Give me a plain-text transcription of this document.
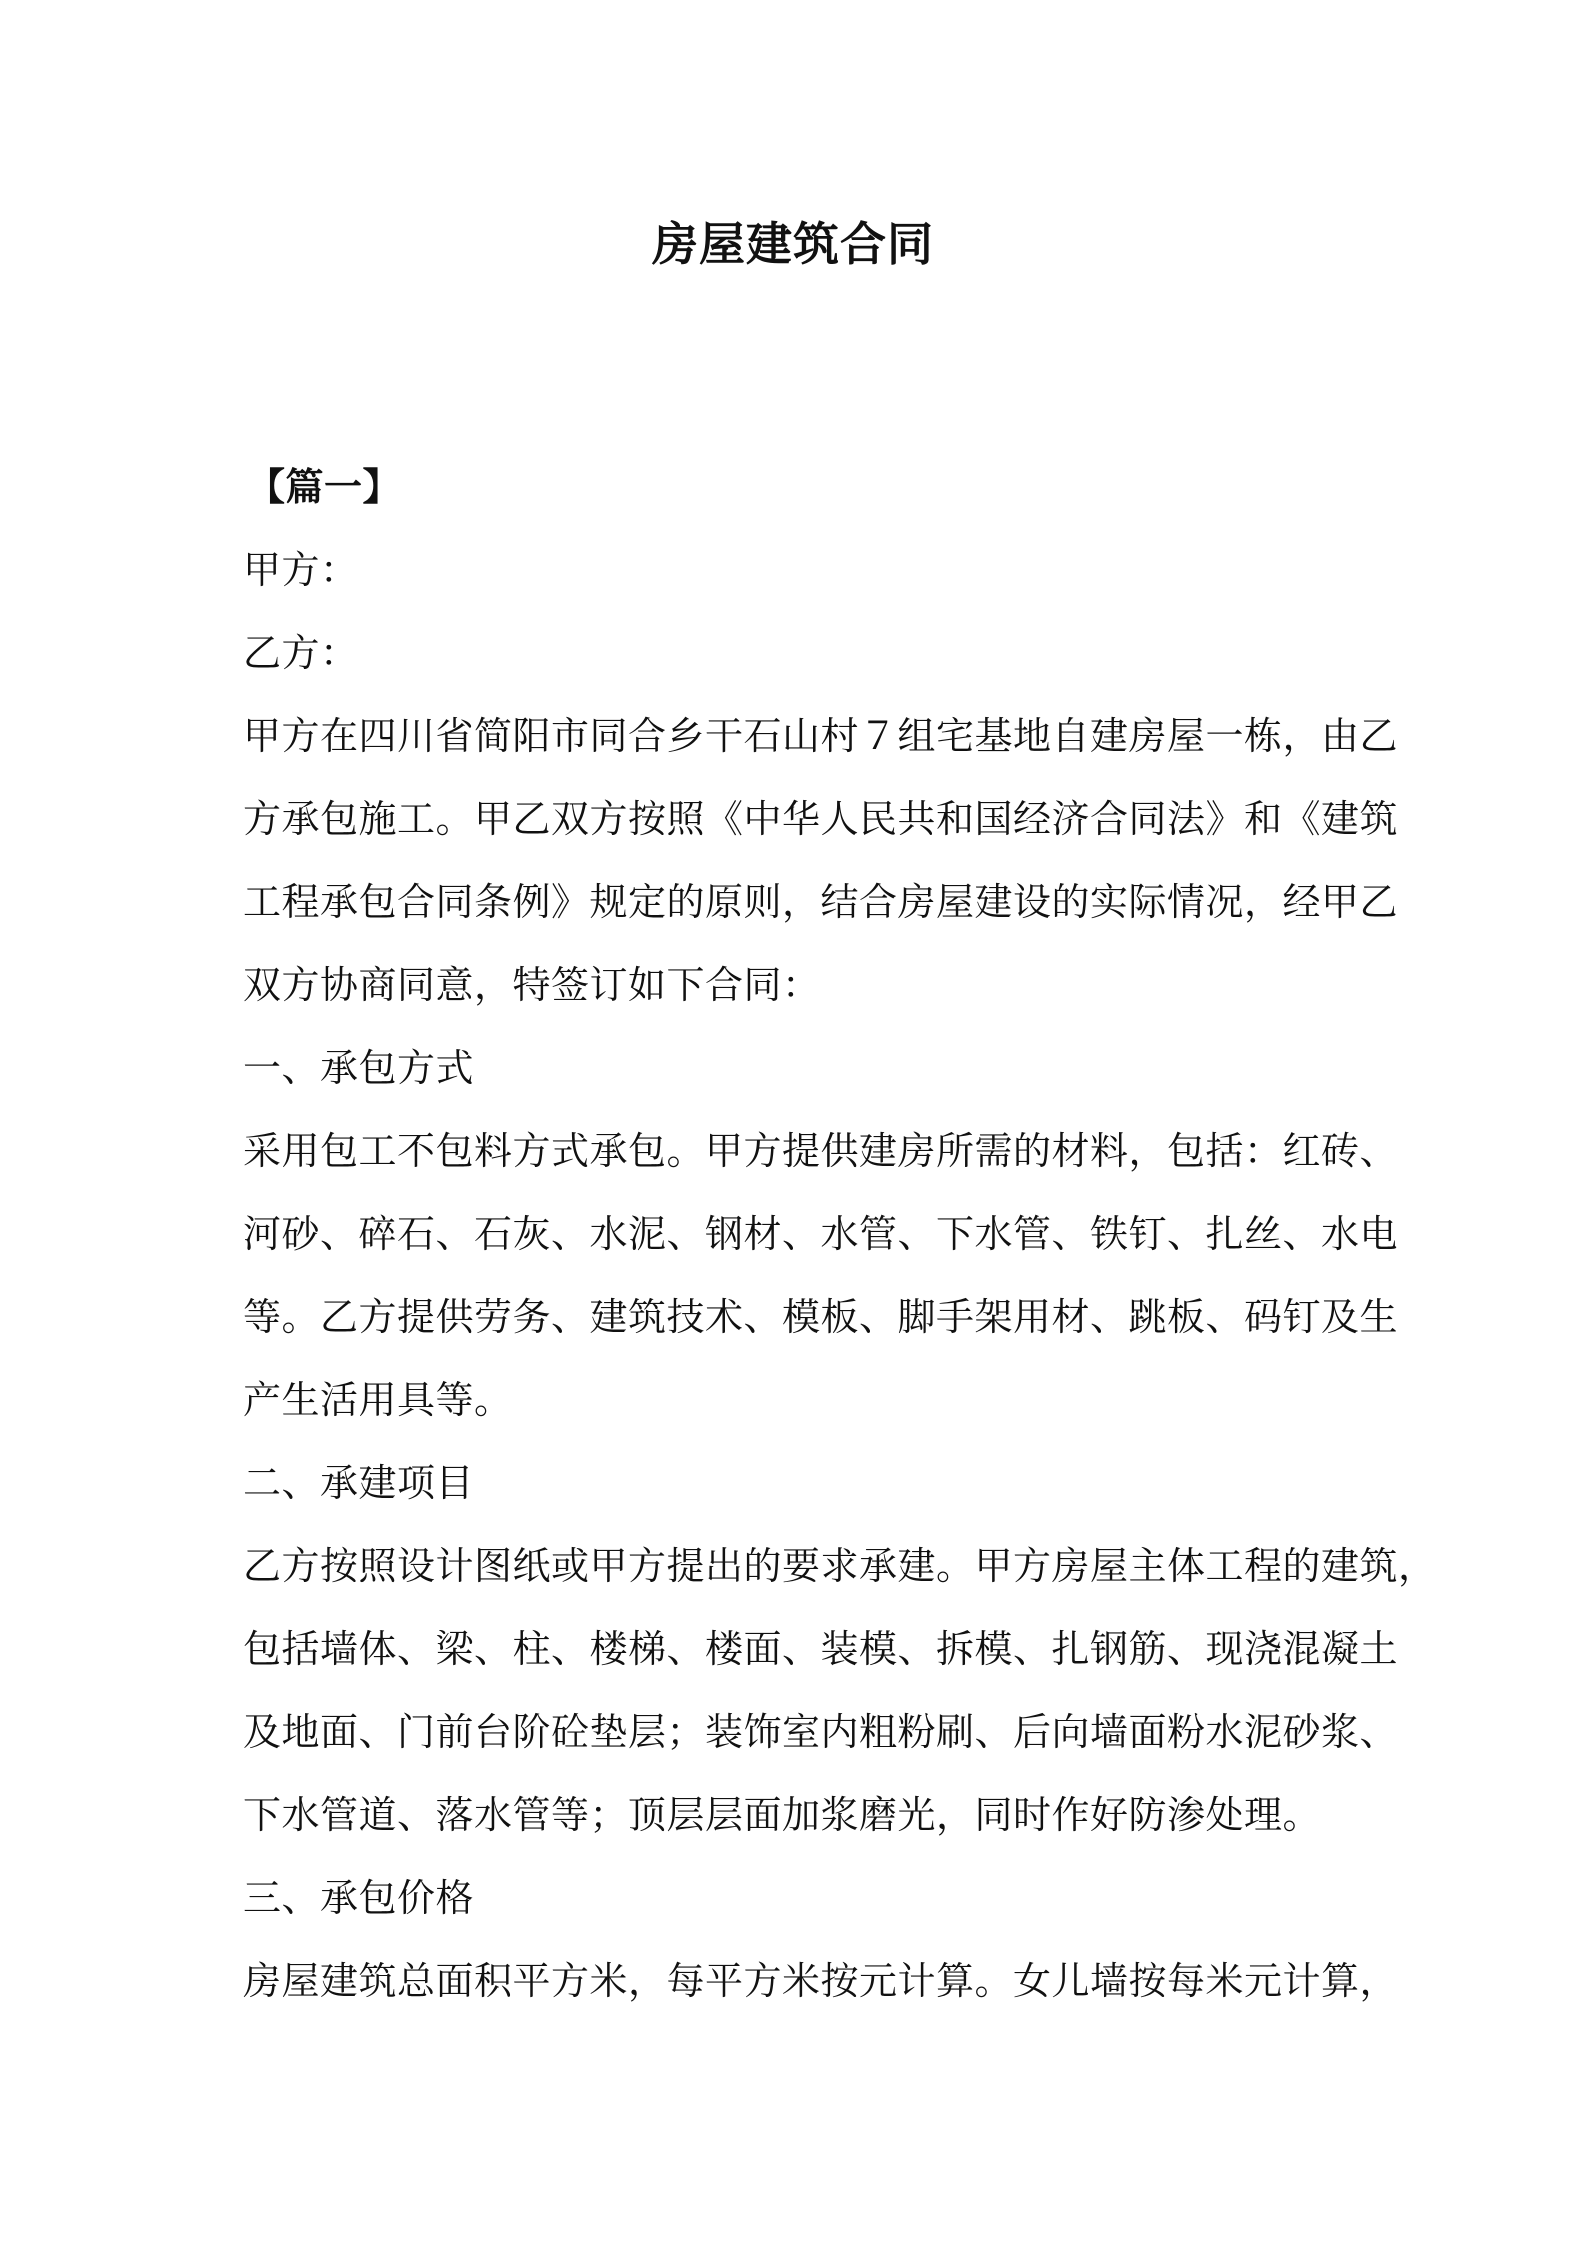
房屋建筑合同
【篇一】
甲方：
乙方：
甲方在四川省简阳市同合乡干石山村７组宅基地自建房屋一栋，由乙
方承包施工。甲乙双方按照《中华人民共和国经济合同法》和《建筑
工程承包合同条例》规定的原则，结合房屋建设的实际情况，经甲乙
双方协商同意，特签订如下合同：
一、承包方式
采用包工不包料方式承包。甲方提供建房所需的材料，包括：红砖、
河砂、碎石、石灰、水泥、钢材、水管、下水管、铁钉、扎丝、水电
等。乙方提供劳务、建筑技术、模板、脚手架用材、跳板、码钉及生
产生活用具等。
二、承建项目
乙方按照设计图纸或甲方提出的要求承建。甲方房屋主体工程的建筑，
包括墙体、梁、柱、楼梯、楼面、装模、拆模、扎钢筋、现浇混凝土
及地面、门前台阶砼垫层；装饰室内粗粉刷、后向墙面粉水泥砂浆、
下水管道、落水管等；顶层层面加浆磨光，同时作好防渗处理。
三、承包价格
房屋建筑总面积平方米，每平方米按元计算。女儿墙按每米元计算，
